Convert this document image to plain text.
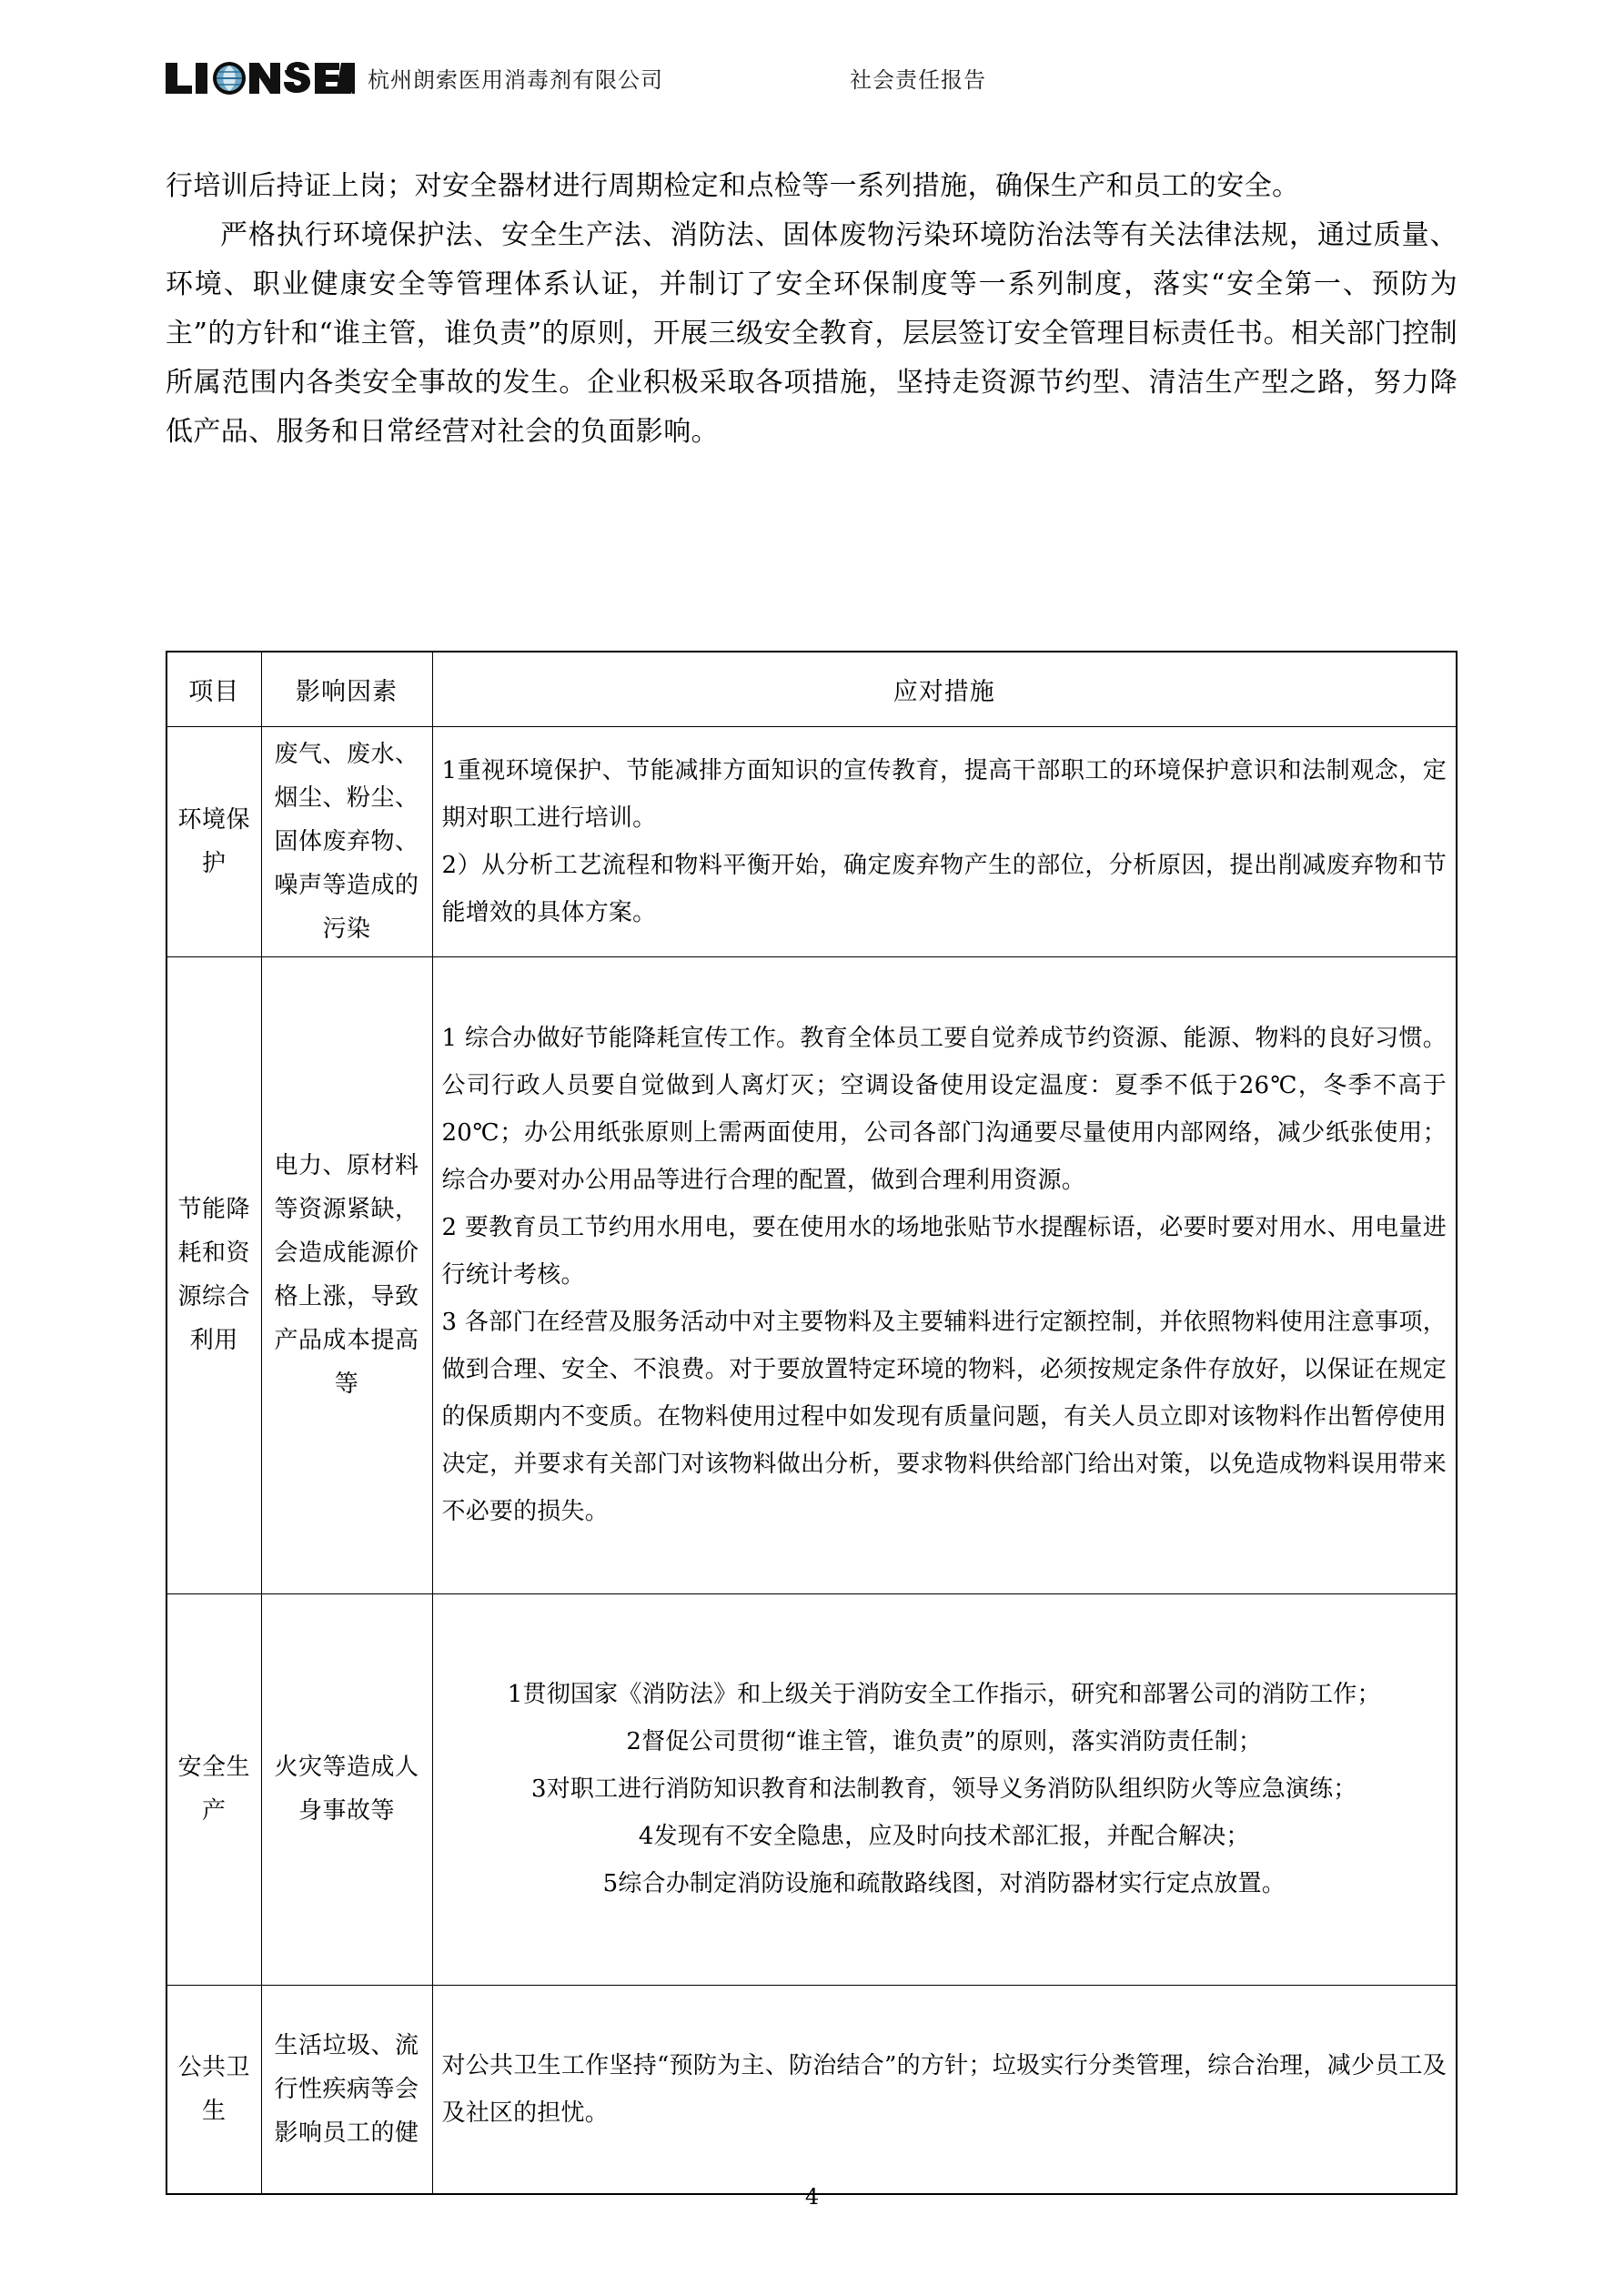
杭州朗索医用消毒剂有限公司	社会责任报告

行培训后持证上岗；对安全器材进行周期检定和点检等一系列措施，确保生产和员工的安全。

严格执行环境保护法、安全生产法、消防法、固体废物污染环境防治法等有关法律法规，通过质量、环境、职业健康安全等管理体系认证，并制订了安全环保制度等一系列制度，落实“安全第一、预防为主”的方针和“谁主管，谁负责”的原则，开展三级安全教育，层层签订安全管理目标责任书。相关部门控制所属范围内各类安全事故的发生。企业积极采取各项措施，坚持走资源节约型、清洁生产型之路，努力降低产品、服务和日常经营对社会的负面影响。

项目	影响因素	应对措施
环境保护	废气、废水、烟尘、粉尘、固体废弃物、噪声等造成的污染	1重视环境保护、节能减排方面知识的宣传教育，提高干部职工的环境保护意识和法制观念，定期对职工进行培训。

2）从分析工艺流程和物料平衡开始，确定废弃物产生的部位，分析原因，提出削减废弃物和节能增效的具体方案。

节能降耗和资源综合利用	电力、原材料等资源紧缺，会造成能源价格上涨，导致产品成本提高等	1 综合办做好节能降耗宣传工作。教育全体员工要自觉养成节约资源、能源、物料的良好习惯。公司行政人员要自觉做到人离灯灭；空调设备使用设定温度：夏季不低于26℃，冬季不高于20℃；办公用纸张原则上需两面使用，公司各部门沟通要尽量使用内部网络，减少纸张使用；综合办要对办公用品等进行合理的配置，做到合理利用资源。

2 要教育员工节约用水用电，要在使用水的场地张贴节水提醒标语，必要时要对用水、用电量进行统计考核。

3 各部门在经营及服务活动中对主要物料及主要辅料进行定额控制，并依照物料使用注意事项，做到合理、安全、不浪费。对于要放置特定环境的物料，必须按规定条件存放好，以保证在规定的保质期内不变质。在物料使用过程中如发现有质量问题，有关人员立即对该物料作出暂停使用决定，并要求有关部门对该物料做出分析，要求物料供给部门给出对策，以免造成物料误用带来不必要的损失。

安全生产	火灾等造成人身事故等	1贯彻国家《消防法》和上级关于消防安全工作指示，研究和部署公司的消防工作；

2督促公司贯彻“谁主管，谁负责”的原则，落实消防责任制；

3对职工进行消防知识教育和法制教育，领导义务消防队组织防火等应急演练；

4发现有不安全隐患，应及时向技术部汇报，并配合解决；

5综合办制定消防设施和疏散路线图，对消防器材实行定点放置。

公共卫生	生活垃圾、流行性疾病等会影响员工的健	对公共卫生工作坚持“预防为主、防治结合”的方针；垃圾实行分类管理，综合治理，减少员工及及社区的担忧。

4
